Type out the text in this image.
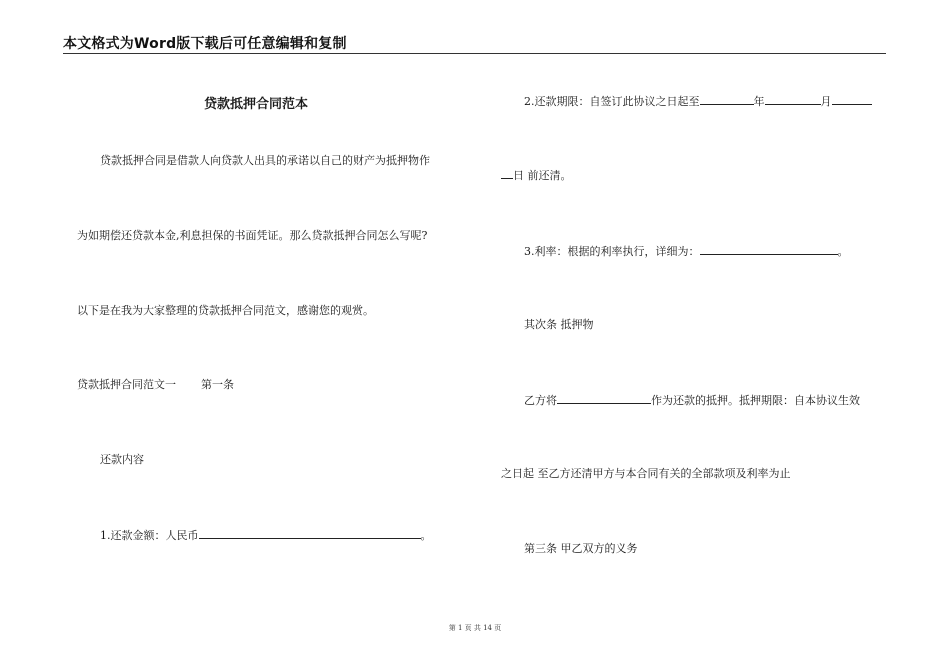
本文格式为Word版下载后可任意编辑和复制
贷款抵押合同范本
贷款抵押合同是借款人向贷款人出具的承诺以自己的财产为抵押物作
为如期偿还贷款本金,利息担保的书面凭证。那么贷款抵押合同怎么写呢?
以下是在我为大家整理的贷款抵押合同范文，感谢您的观赏。
贷款抵押合同范文一 第一条
还款内容
1.还款金额：人民币	。
2.还款期限：自签订此协议之日起至	年	月
日 前还清。
3.利率：根据的利率执行，详细为：	。
其次条 抵押物
乙方将	作为还款的抵押。抵押期限：自本协议生效
之日起 至乙方还清甲方与本合同有关的全部款项及利率为止
第三条 甲乙双方的义务
第 1 页 共 14 页
